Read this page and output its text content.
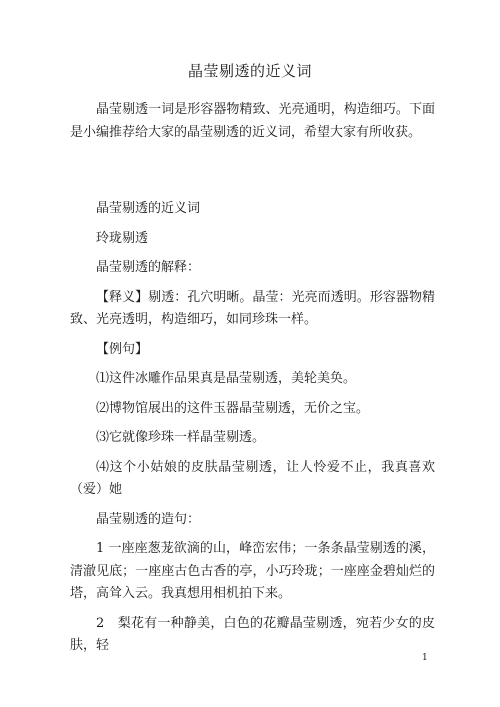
晶莹剔透的近义词

晶莹剔透一词是形容器物精致、光亮通明，构造细巧。下面是小编推荐给大家的晶莹剔透的近义词，希望大家有所收获。

晶莹剔透的近义词

玲珑剔透

晶莹剔透的解释：

【释义】剔透：孔穴明晰。晶莹：光亮而透明。形容器物精致、光亮透明，构造细巧，如同珍珠一样。

【例句】

⑴这件冰雕作品果真是晶莹剔透，美轮美奂。

⑵博物馆展出的这件玉器晶莹剔透，无价之宝。

⑶它就像珍珠一样晶莹剔透。

⑷这个小姑娘的皮肤晶莹剔透，让人怜爱不止，我真喜欢（爱）她

晶莹剔透的造句：

1 一座座葱茏欲滴的山，峰峦宏伟；一条条晶莹剔透的溪，清澈见底；一座座古色古香的亭，小巧玲珑；一座座金碧灿烂的塔，高耸入云。我真想用相机拍下来。

2　梨花有一种静美，白色的花瓣晶莹剔透，宛若少女的皮肤，轻

1
